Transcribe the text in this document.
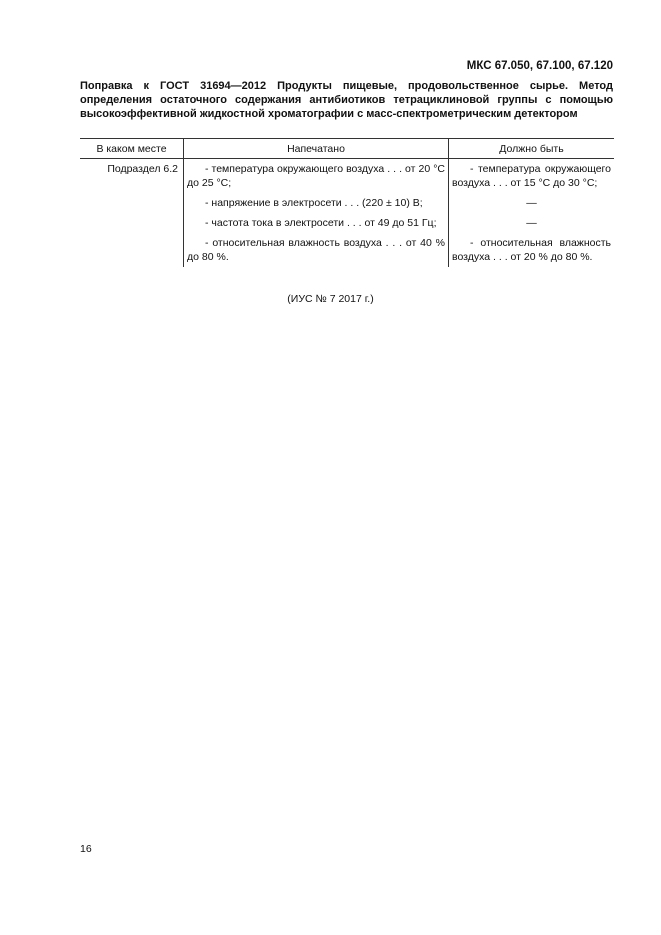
МКС 67.050, 67.100, 67.120
Поправка к ГОСТ 31694—2012 Продукты пищевые, продовольственное сырье. Метод определения остаточного содержания антибиотиков тетрациклиновой группы с помощью высокоэффективной жидкостной хроматографии с масс-спектрометрическим детектором
В каком месте	Напечатано	Должно быть
Подраздел 6.2	- температура окружающего воздуха . . . от 20 °С до 25 °С;	- температура окружающего воздуха . . . от 15 °С до 30 °С;
	- напряжение в электросети . . . (220 ± 10) В;	—
	- частота тока в электросети . . . от 49 до 51 Гц;	—
	- относительная влажность воздуха . . . от 40 % до 80 %.	- относительная влажность воздуха . . . от 20 % до 80 %.
(ИУС № 7 2017 г.)
16
